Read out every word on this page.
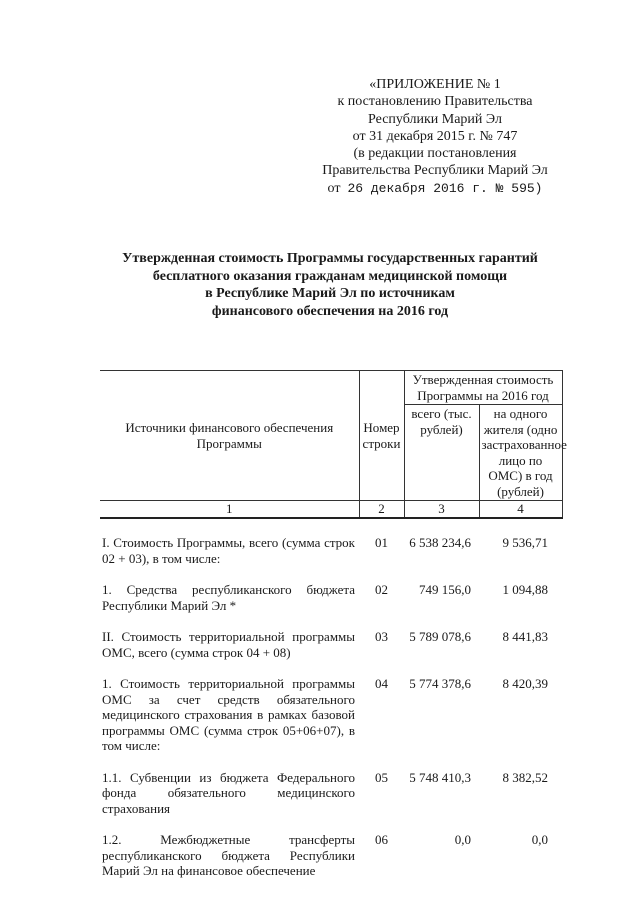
«ПРИЛОЖЕНИЕ № 1
к постановлению Правительства
Республики Марий Эл
от 31 декабря 2015 г. № 747
(в редакции постановления
Правительства Республики Марий Эл
от 26 декабря 2016 г. № 595)
Утвержденная стоимость Программы государственных гарантий
бесплатного оказания гражданам медицинской помощи
в Республике Марий Эл по источникам
финансового обеспечения на 2016 год
Источники финансового обеспечения Программы	Номер строки	Утвержденная стоимость Программы на 2016 год	
		всего (тыс. рублей)	на одного жителя (одно застрахованное лицо по ОМС) в год (рублей)
1	2	3	4

I. Стоимость Программы, всего (сумма строк 02 + 03), в том числе:	01	6 538 234,6	9 536,71

1. Средства республиканского бюджета Республики Марий Эл *	02	749 156,0	1 094,88

II. Стоимость территориальной программы ОМС, всего (сумма строк 04 + 08)	03	5 789 078,6	8 441,83

1. Стоимость территориальной программы ОМС за счет средств обязательного медицинского страхования в рамках базовой программы ОМС (сумма строк 05+06+07), в том числе:	04	5 774 378,6	8 420,39

1.1. Субвенции из бюджета Федерального фонда обязательного медицинского страхования	05	5 748 410,3	8 382,52

1.2. Межбюджетные трансферты республиканского бюджета Республики Марий Эл на финансовое обеспечение	06	0,0	0,0
